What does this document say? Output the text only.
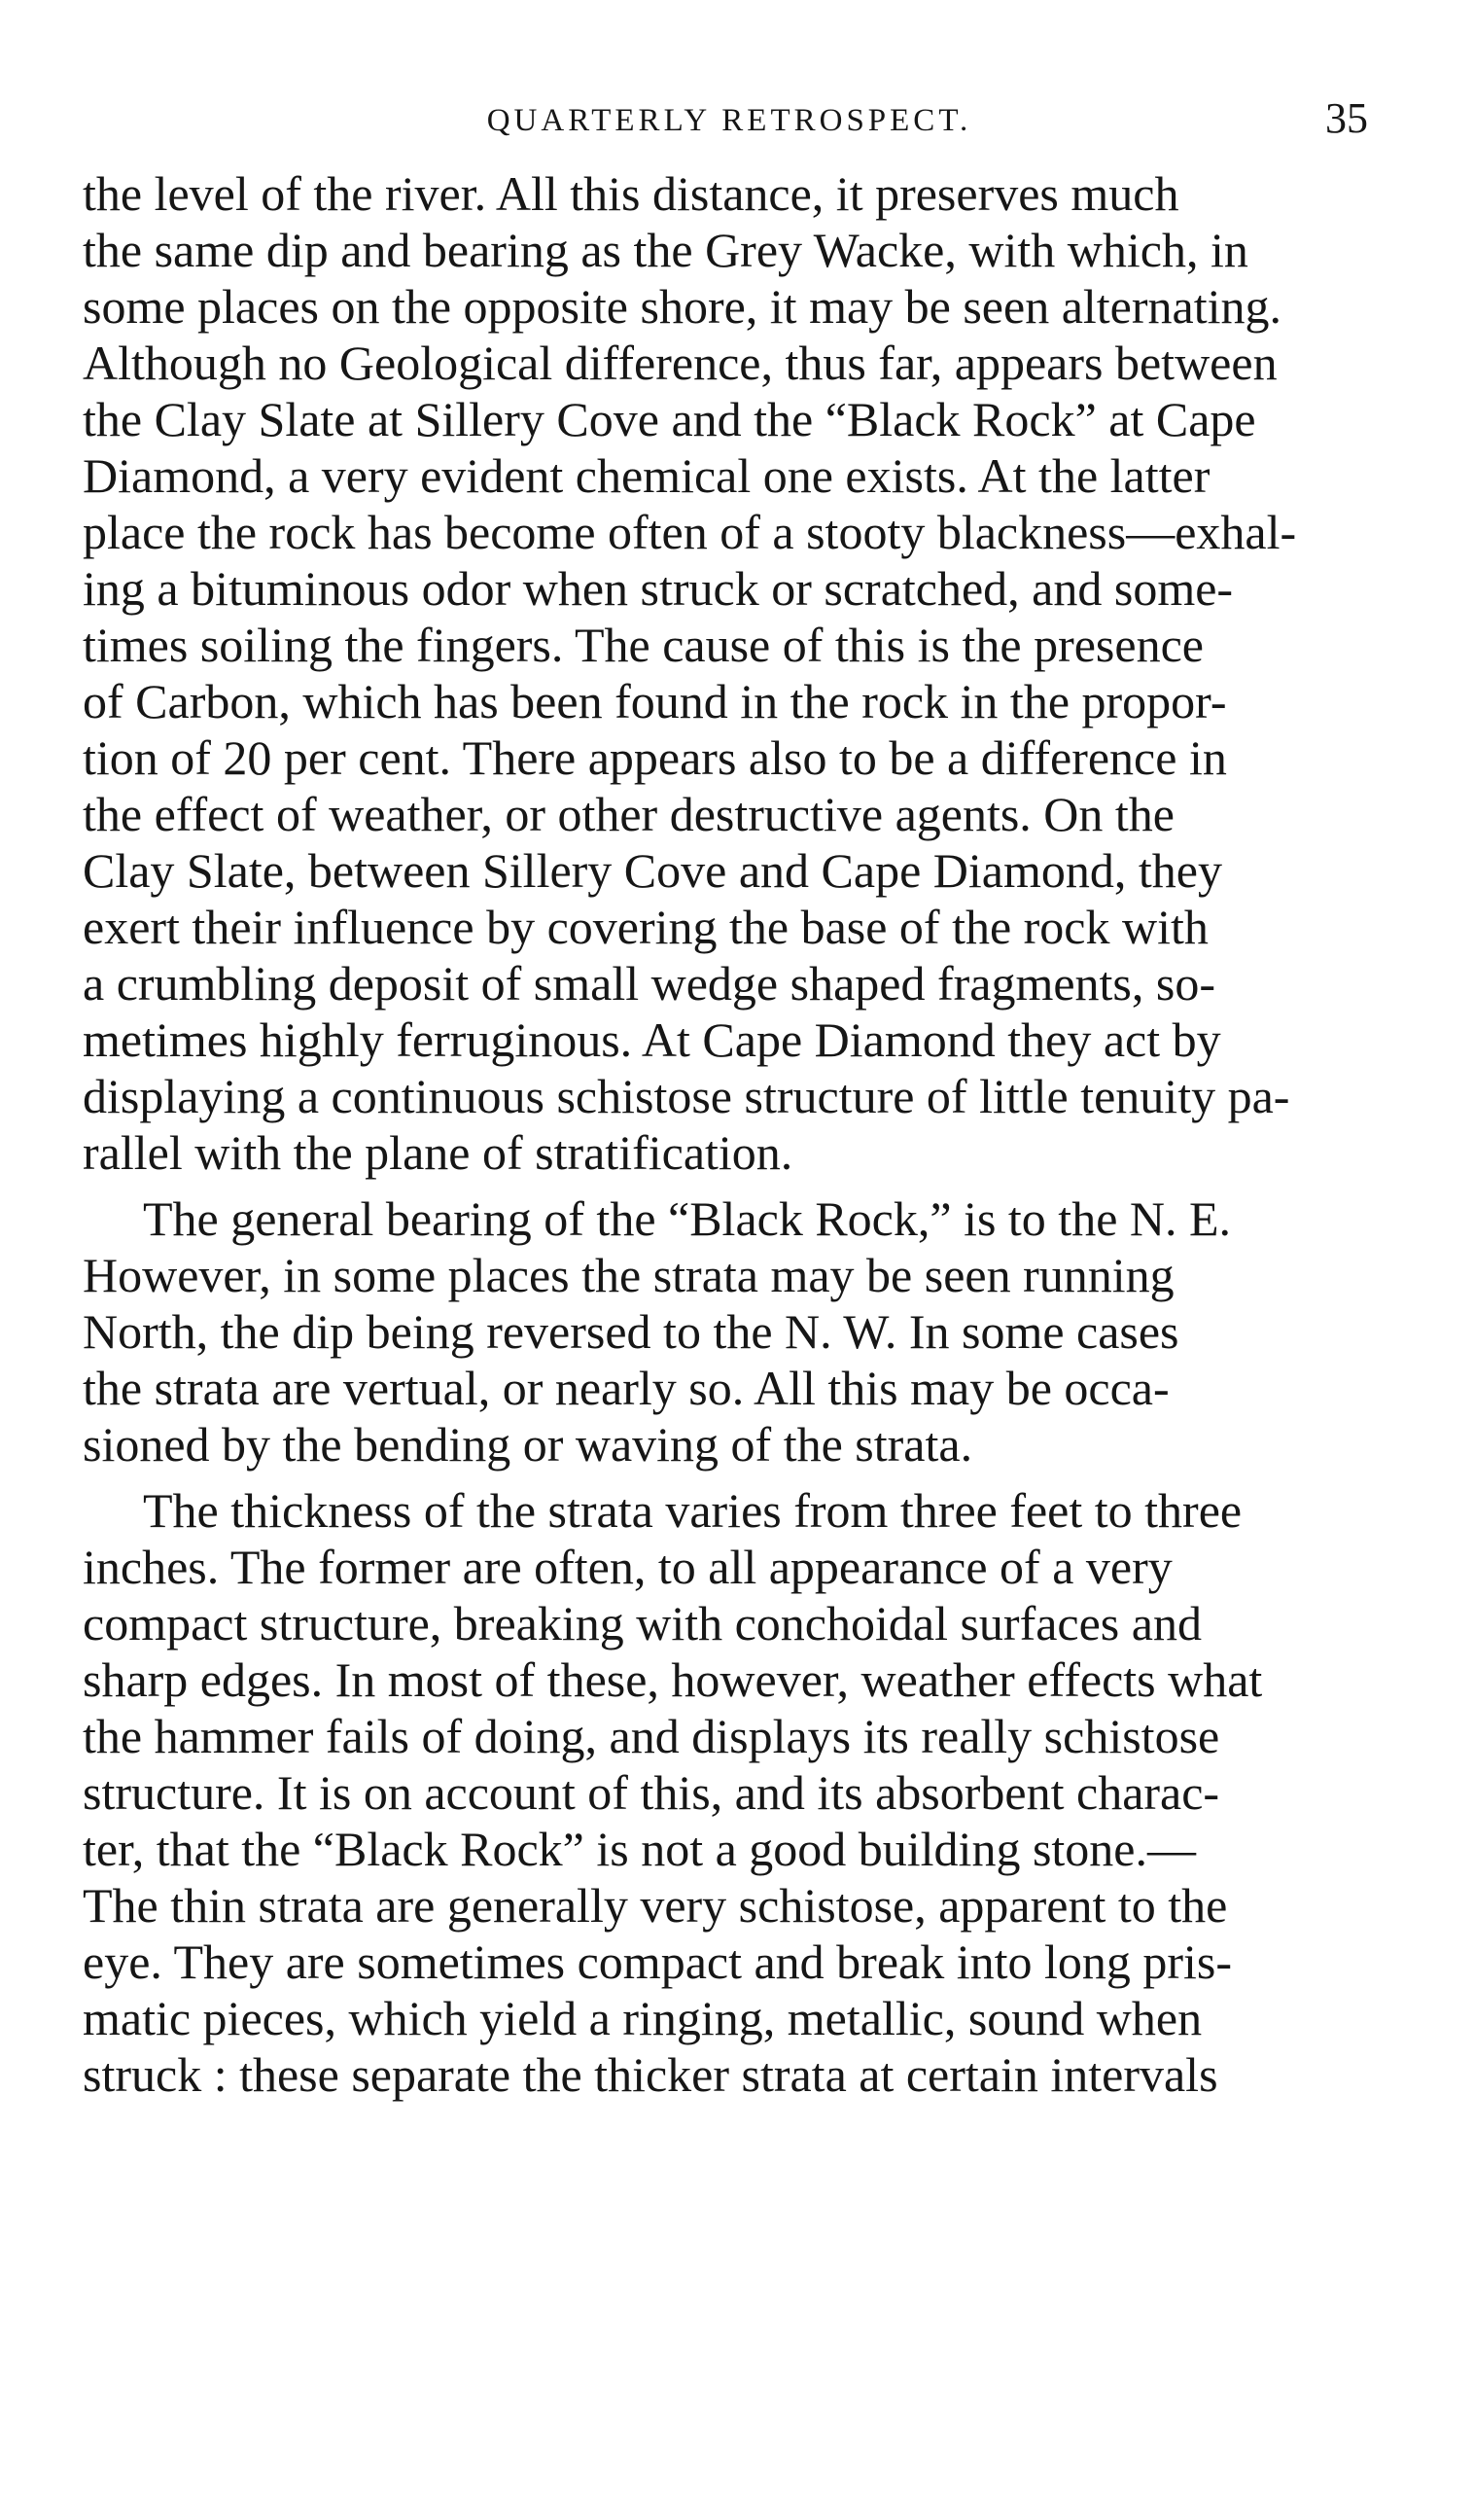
QUARTERLY RETROSPECT.	35

the level of the river. All this distance, it preserves much
the same dip and bearing as the Grey Wacke, with which, in
some places on the opposite shore, it may be seen alternating.
Although no Geological difference, thus far, appears between
the Clay Slate at Sillery Cove and the “Black Rock” at Cape
Diamond, a very evident chemical one exists. At the latter
place the rock has become often of a stooty blackness—exhal-
ing a bituminous odor when struck or scratched, and some-
times soiling the fingers. The cause of this is the presence
of Carbon, which has been found in the rock in the propor-
tion of 20 per cent. There appears also to be a difference in
the effect of weather, or other destructive agents. On the
Clay Slate, between Sillery Cove and Cape Diamond, they
exert their influence by covering the base of the rock with
a crumbling deposit of small wedge shaped fragments, so-
metimes highly ferruginous. At Cape Diamond they act by
displaying a continuous schistose structure of little tenuity pa-
rallel with the plane of stratification.

The general bearing of the “Black Rock,” is to the N. E.
However, in some places the strata may be seen running
North, the dip being reversed to the N. W. In some cases
the strata are vertual, or nearly so. All this may be occa-
sioned by the bending or waving of the strata.

The thickness of the strata varies from three feet to three
inches. The former are often, to all appearance of a very
compact structure, breaking with conchoidal surfaces and
sharp edges. In most of these, however, weather effects what
the hammer fails of doing, and displays its really schistose
structure. It is on account of this, and its absorbent charac-
ter, that the “Black Rock” is not a good building stone.—
The thin strata are generally very schistose, apparent to the
eye. They are sometimes compact and break into long pris-
matic pieces, which yield a ringing, metallic, sound when
struck : these separate the thicker strata at certain intervals
